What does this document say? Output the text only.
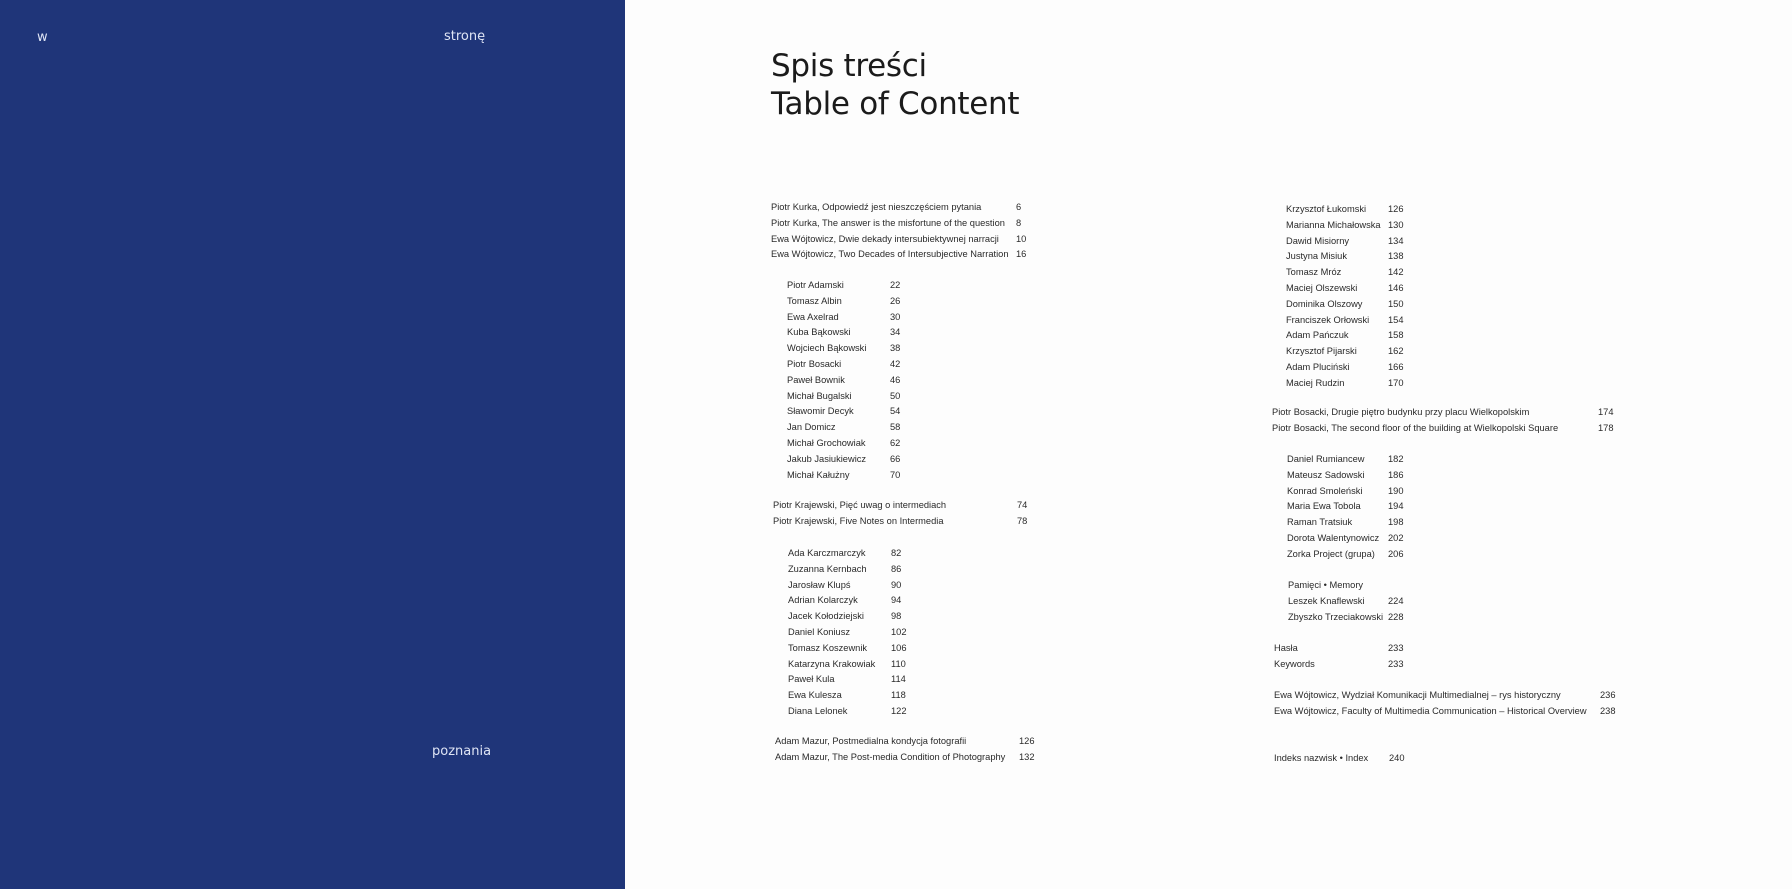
w	stronę
poznania
Spis treści
Table of Content
Piotr Kurka, Odpowiedź jest nieszczęściem pytania	6
Piotr Kurka, The answer is the misfortune of the question 8
Ewa Wójtowicz, Dwie dekady intersubiektywnej narracji 10
Ewa Wójtowicz, Two Decades of Intersubjective Narration 16
Piotr Adamski	22
Tomasz Albin	26
Ewa Axelrad	30
Kuba Bąkowski	34
Wojciech Bąkowski	38
Piotr Bosacki	42
Paweł Bownik	46
Michał Bugalski	50
Sławomir Decyk	54
Jan Domicz	58
Michał Grochowiak	62
Jakub Jasiukiewicz	66
Michał Kałużny	70
Piotr Krajewski, Pięć uwag o intermediach	74
Piotr Krajewski, Five Notes on Intermedia	78
Ada Karczmarczyk	82
Zuzanna Kernbach	86
Jarosław Klupś	90
Adrian Kolarczyk	94
Jacek Kołodziejski	98
Daniel Koniusz	102
Tomasz Koszewnik	106
Katarzyna Krakowiak 110
Paweł Kula	114
Ewa Kulesza	118
Diana Lelonek	122
Adam Mazur, Postmedialna kondycja fotografii	126
Adam Mazur, The Post-media Condition of Photography 132
Krzysztof Łukomski 126
Marianna Michałowska 130
Dawid Misiorny	134
Justyna Misiuk	138
Tomasz Mróz	142
Maciej Olszewski	146
Dominika Olszowy	150
Franciszek Orłowski 154
Adam Pańczuk	158
Krzysztof Pijarski	162
Adam Pluciński	166
Maciej Rudzin	170
Piotr Bosacki, Drugie piętro budynku przy placu Wielkopolskim	174
Piotr Bosacki, The second floor of the building at Wielkopolski Square	178
Daniel Rumiancew	182
Mateusz Sadowski	186
Konrad Smoleński	190
Maria Ewa Tobola	194
Raman Tratsiuk	198
Dorota Walentynowicz 202
Zorka Project (grupa) 206
Pamięci • Memory
Leszek Knaflewski	224
Zbyszko Trzeciakowski 228
Hasła	233
Keywords	233
Ewa Wójtowicz, Wydział Komunikacji Multimedialnej – rys historyczny	236
Ewa Wójtowicz, Faculty of Multimedia Communication – Historical Overview 238
Indeks nazwisk • Index 240
